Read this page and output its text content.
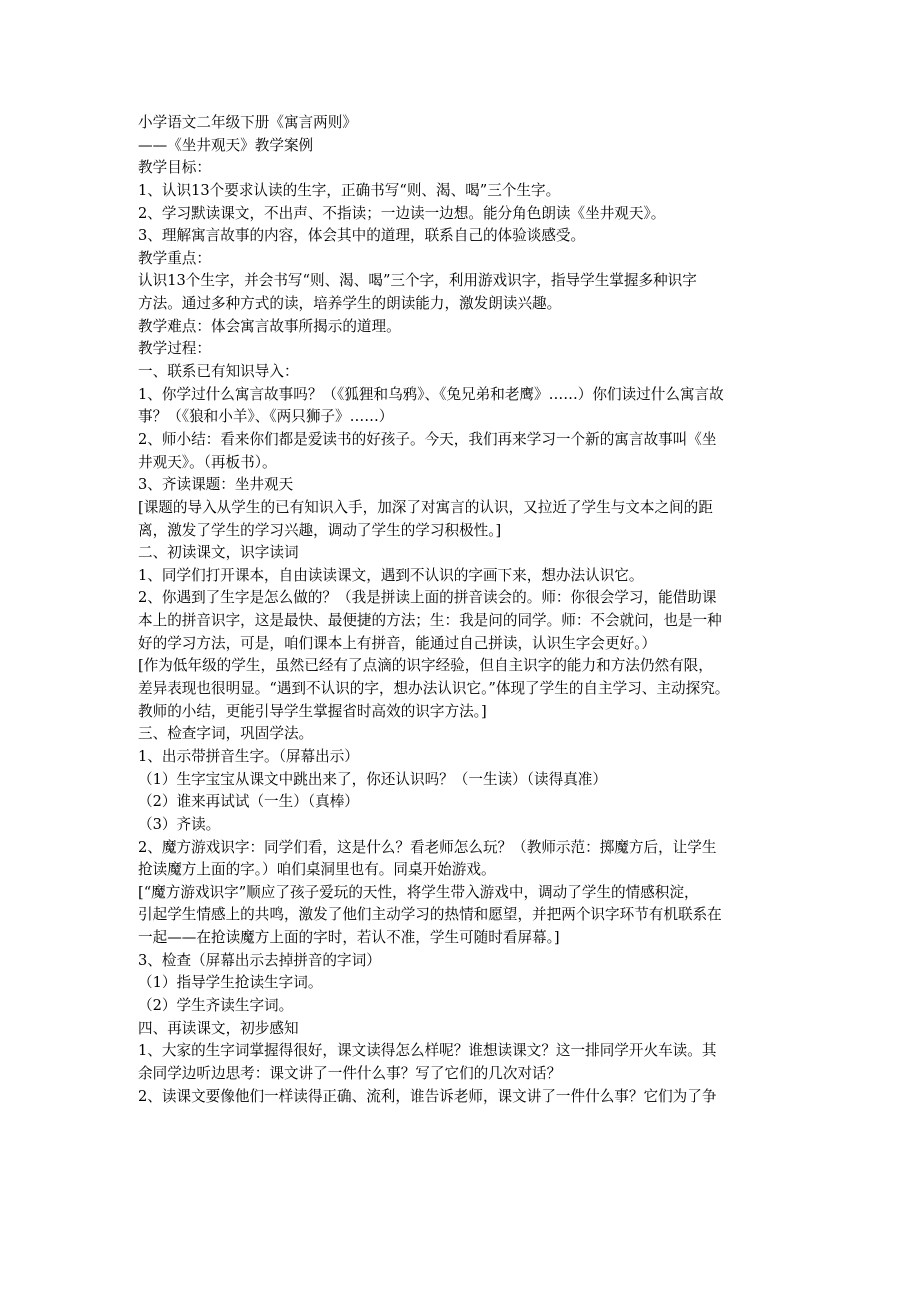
小学语文二年级下册《寓言两则》
——《坐井观天》教学案例
教学目标：
1、认识13个要求认读的生字，正确书写“则、渴、喝”三个生字。
2、学习默读课文，不出声、不指读；一边读一边想。能分角色朗读《坐井观天》。
3、理解寓言故事的内容，体会其中的道理，联系自己的体验谈感受。
教学重点：
认识13个生字，并会书写“则、渴、喝”三个字，利用游戏识字，指导学生掌握多种识字
方法。通过多种方式的读，培养学生的朗读能力，激发朗读兴趣。
教学难点：体会寓言故事所揭示的道理。
教学过程：
一、联系已有知识导入：
1、你学过什么寓言故事吗？（《狐狸和乌鸦》、《兔兄弟和老鹰》……）你们读过什么寓言故
事？（《狼和小羊》、《两只狮子》……）
2、师小结：看来你们都是爱读书的好孩子。今天，我们再来学习一个新的寓言故事叫《坐
井观天》。（再板书）。
3、齐读课题：坐井观天
[课题的导入从学生的已有知识入手，加深了对寓言的认识，又拉近了学生与文本之间的距
离，激发了学生的学习兴趣，调动了学生的学习积极性。]
二、初读课文，识字读词
1、同学们打开课本，自由读读课文，遇到不认识的字画下来，想办法认识它。
2、你遇到了生字是怎么做的？（我是拼读上面的拼音读会的。师：你很会学习，能借助课
本上的拼音识字，这是最快、最便捷的方法；生：我是问的同学。师：不会就问，也是一种
好的学习方法，可是，咱们课本上有拼音，能通过自己拼读，认识生字会更好。）
[作为低年级的学生，虽然已经有了点滴的识字经验，但自主识字的能力和方法仍然有限，
差异表现也很明显。“遇到不认识的字，想办法认识它。”体现了学生的自主学习、主动探究。
教师的小结，更能引导学生掌握省时高效的识字方法。]
三、检查字词，巩固学法。
1、出示带拼音生字。（屏幕出示）
（1）生字宝宝从课文中跳出来了，你还认识吗？（一生读）（读得真准）
（2）谁来再试试（一生）（真棒）
（3）齐读。
2、魔方游戏识字：同学们看，这是什么？看老师怎么玩？（教师示范：掷魔方后，让学生
抢读魔方上面的字。）咱们桌洞里也有。同桌开始游戏。
[“魔方游戏识字”顺应了孩子爱玩的天性，将学生带入游戏中，调动了学生的情感积淀，
引起学生情感上的共鸣，激发了他们主动学习的热情和愿望，并把两个识字环节有机联系在
一起——在抢读魔方上面的字时，若认不准，学生可随时看屏幕。]
3、检查（屏幕出示去掉拼音的字词）
（1）指导学生抢读生字词。
（2）学生齐读生字词。
四、再读课文，初步感知
1、大家的生字词掌握得很好，课文读得怎么样呢？谁想读课文？这一排同学开火车读。其
余同学边听边思考：课文讲了一件什么事？写了它们的几次对话？
2、读课文要像他们一样读得正确、流利，谁告诉老师，课文讲了一件什么事？它们为了争
